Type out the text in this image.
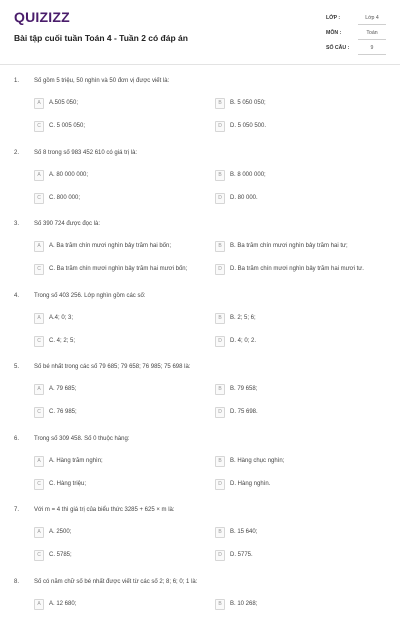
QUIZIZZ
Bài tập cuối tuần Toán 4 - Tuần 2 có đáp án
LỚP :	Lớp 4
MÔN :	Toán
SỐ CÂU :	9
1. Số gồm 5 triệu, 50 nghìn và 50 đơn vị được viết là:
A	A.505 050;	B	B. 5 050 050;
C	C. 5 005 050;	D	D. 5 050 500.
2. Số 8 trong số 983 452 610 có giá trị là:
A	A. 80 000 000;	B	B. 8 000 000;
C	C. 800 000;	D	D. 80 000.
3. Số 390 724 được đọc là:
A	A. Ba trăm chín mươi nghìn bảy trăm hai bốn;	B	B. Ba trăm chín mươi nghìn bảy trăm hai tư;
C	C. Ba trăm chín mươi nghìn bảy trăm hai mươi bốn;	D	D. Ba trăm chín mươi nghìn bảy trăm hai mươi tư.
4. Trong số 403 256. Lớp nghìn gồm các số:
A	A.4; 0; 3;	B	B. 2; 5; 6;
C	C. 4; 2; 5;	D	D. 4; 0; 2.
5. Số bé nhất trong các số 79 685; 79 658; 76 985; 75 698 là:
A	A. 79 685;	B	B. 79 658;
C	C. 76 985;	D	D. 75 698.
6. Trong số 309 458. Số 0 thuộc hàng:
A	A. Hàng trăm nghìn;	B	B. Hàng chục nghìn;
C	C. Hàng triệu;	D	D. Hàng nghìn.
7. Với m = 4 thì giá trị của biểu thức 3285 + 625 × m là:
A	A. 2500;	B	B. 15 640;
C	C. 5785;	D	D. 5775.
8. Số có năm chữ số bé nhất được viết từ các số 2; 8; 6; 0; 1 là:
A	A. 12 680;	B	B. 10 268;
